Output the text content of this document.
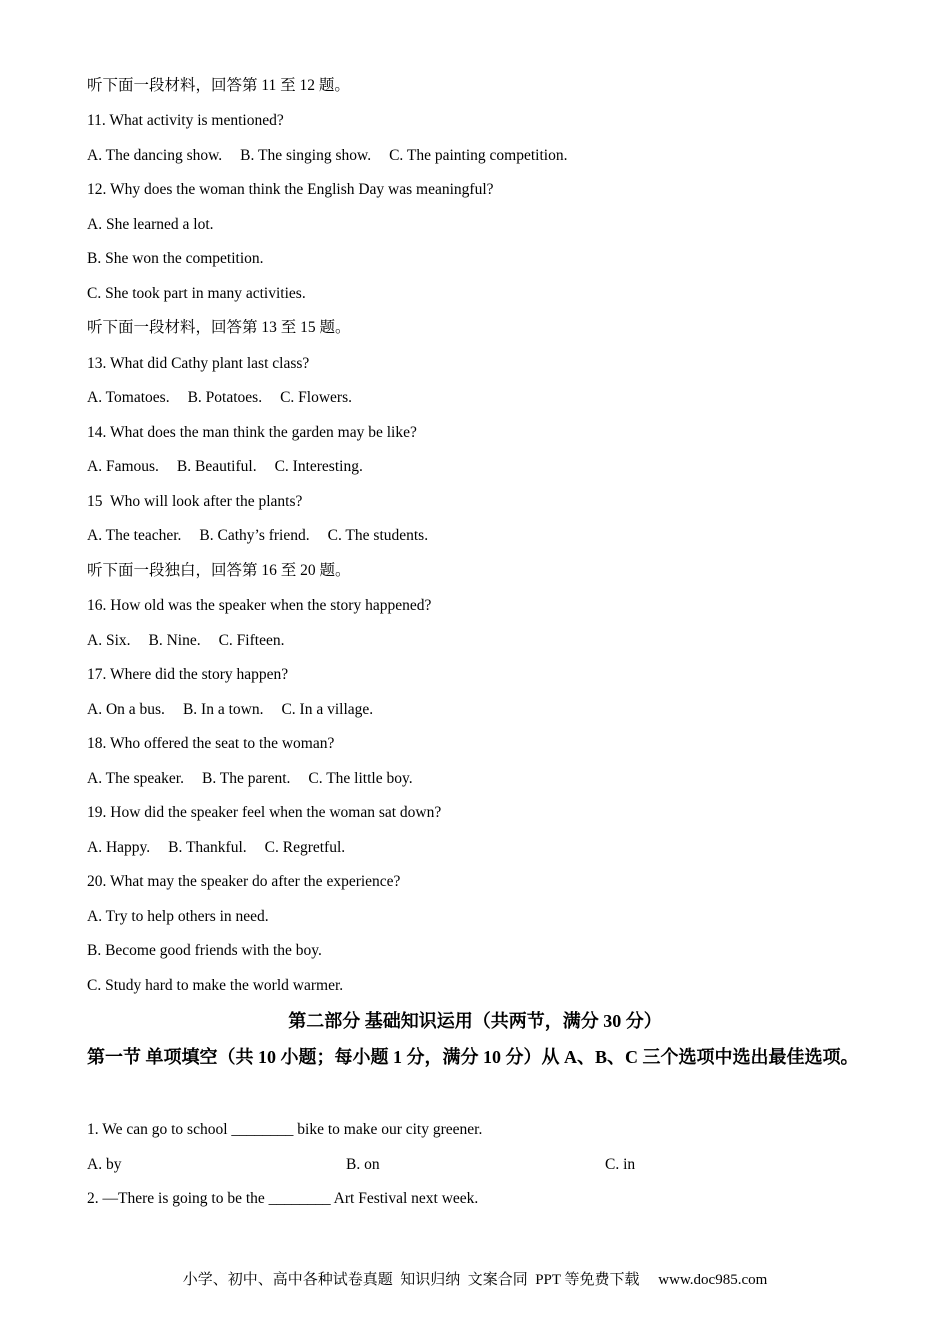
听下面一段材料，回答第 11 至 12 题。
11. What activity is mentioned?
A. The dancing show. B. The singing show. C. The painting competition.
12. Why does the woman think the English Day was meaningful?
A. She learned a lot.
B. She won the competition.
C. She took part in many activities.
听下面一段材料，回答第 13 至 15 题。
13. What did Cathy plant last class?
A. Tomatoes. B. Potatoes. C. Flowers.
14. What does the man think the garden may be like?
A. Famous. B. Beautiful. C. Interesting.
15  Who will look after the plants?
A. The teacher. B. Cathy’s friend. C. The students.
听下面一段独白，回答第 16 至 20 题。
16. How old was the speaker when the story happened?
A. Six. B. Nine. C. Fifteen.
17. Where did the story happen?
A. On a bus. B. In a town. C. In a village.
18. Who offered the seat to the woman?
A. The speaker. B. The parent. C. The little boy.
19. How did the speaker feel when the woman sat down?
A. Happy. B. Thankful. C. Regretful.
20. What may the speaker do after the experience?
A. Try to help others in need.
B. Become good friends with the boy.
C. Study hard to make the world warmer.
第二部分 基础知识运用（共两节，满分 30 分）
第一节 单项填空（共 10 小题；每小题 1 分，满分 10 分）从 A、B、C 三个选项中选出最佳选项。
1. We can go to school ________ bike to make our city greener.
A. by	B. on	C. in
2. —There is going to be the ________ Art Festival next week.
小学、初中、高中各种试卷真题  知识归纳  文案合同  PPT 等免费下载     www.doc985.com
